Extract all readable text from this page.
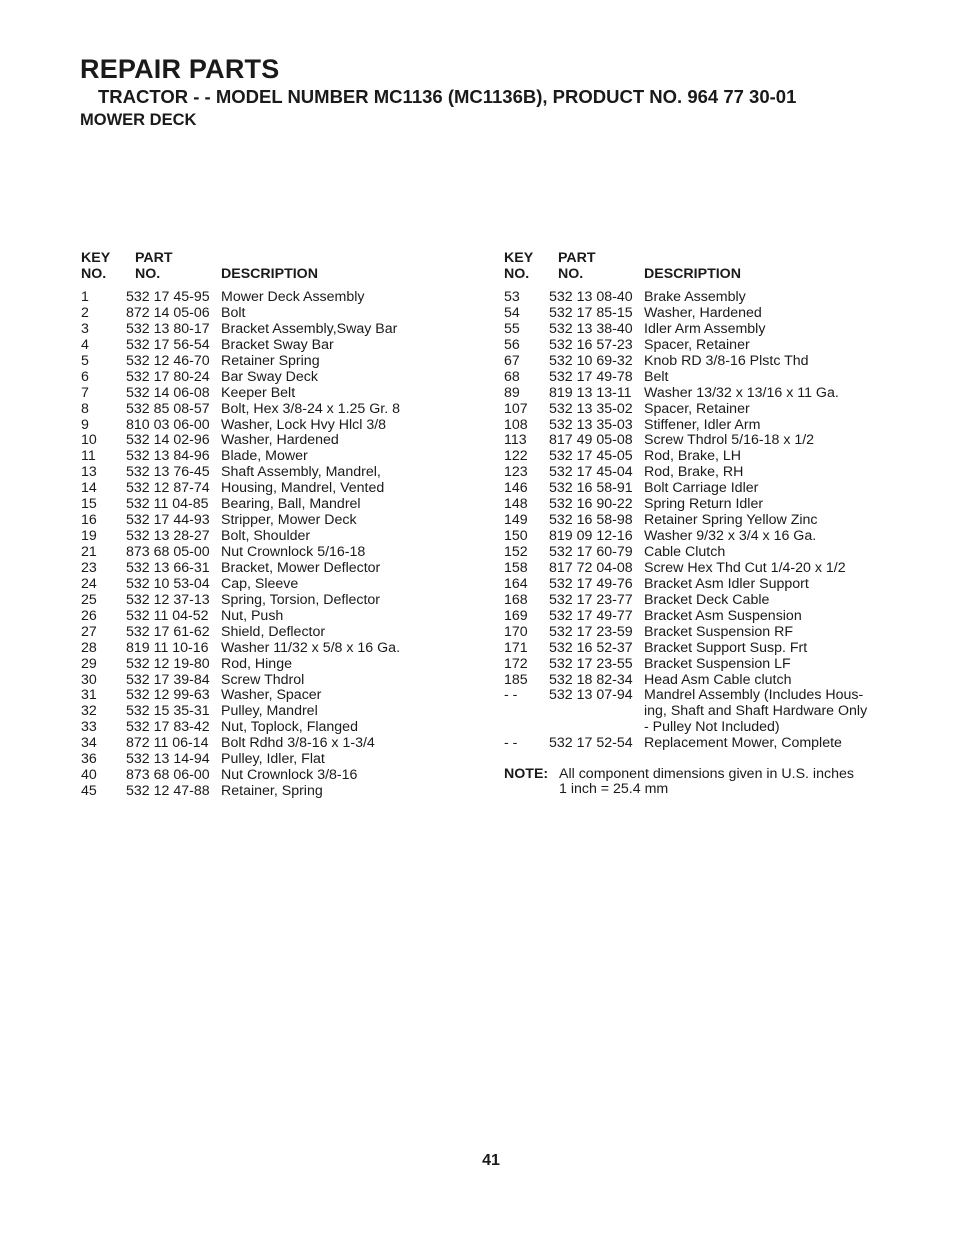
REPAIR PARTS
TRACTOR - - MODEL NUMBER MC1136 (MC1136B), PRODUCT NO. 964 77 30-01
MOWER DECK
KEY
NO.
PART
NO.	DESCRIPTION
1	532 17 45-95 Mower Deck Assembly
2	872 14 05-06 Bolt
3	532 13 80-17 Bracket Assembly,Sway Bar
4	532 17 56-54 Bracket Sway Bar
5	532 12 46-70 Retainer Spring
6	532 17 80-24 Bar Sway Deck
7	532 14 06-08 Keeper Belt
8	532 85 08-57 Bolt, Hex 3/8-24 x 1.25 Gr. 8
9	810 03 06-00 Washer, Lock Hvy Hlcl 3/8
10 532 14 02-96 Washer, Hardened
11 532 13 84-96 Blade, Mower
13 532 13 76-45 Shaft Assembly, Mandrel,
14 532 12 87-74 Housing, Mandrel, Vented
15 532 11 04-85 Bearing, Ball, Mandrel
16 532 17 44-93 Stripper, Mower Deck
19 532 13 28-27 Bolt, Shoulder
21 873 68 05-00 Nut Crownlock 5/16-18
23 532 13 66-31 Bracket, Mower Deflector
24 532 10 53-04 Cap, Sleeve
25 532 12 37-13 Spring, Torsion, Deflector
26 532 11 04-52 Nut, Push
27 532 17 61-62 Shield, Deflector
28 819 11 10-16 Washer 11/32 x 5/8 x 16 Ga.
29 532 12 19-80 Rod, Hinge
30 532 17 39-84 Screw Thdrol
31 532 12 99-63 Washer, Spacer
32 532 15 35-31 Pulley, Mandrel
33 532 17 83-42 Nut, Toplock, Flanged
34 872 11 06-14 Bolt Rdhd 3/8-16 x 1-3/4
36 532 13 14-94 Pulley, Idler, Flat
40 873 68 06-00 Nut Crownlock 3/8-16
45 532 12 47-88 Retainer, Spring
KEY
NO.
PART
NO.	DESCRIPTION
53 532 13 08-40 Brake Assembly
54 532 17 85-15 Washer, Hardened
55 532 13 38-40 Idler Arm Assembly
56 532 16 57-23 Spacer, Retainer
67 532 10 69-32 Knob RD 3/8-16 Plstc Thd
68 532 17 49-78 Belt
89 819 13 13-11 Washer 13/32 x 13/16 x 11 Ga.
107 532 13 35-02 Spacer, Retainer
108 532 13 35-03 Stiffener, Idler Arm
113 817 49 05-08 Screw Thdrol 5/16-18 x 1/2
122 532 17 45-05 Rod, Brake, LH
123 532 17 45-04 Rod, Brake, RH
146 532 16 58-91 Bolt Carriage Idler
148 532 16 90-22 Spring Return Idler
149 532 16 58-98 Retainer Spring Yellow Zinc
150 819 09 12-16 Washer 9/32 x 3/4 x 16 Ga.
152 532 17 60-79 Cable Clutch
158 817 72 04-08 Screw Hex Thd Cut 1/4-20 x 1/2
164 532 17 49-76 Bracket Asm Idler Support
168 532 17 23-77 Bracket Deck Cable
169 532 17 49-77 Bracket Asm Suspension
170 532 17 23-59 Bracket Suspension RF
171 532 16 52-37 Bracket Support Susp. Frt
172 532 17 23-55 Bracket Suspension LF
185 532 18 82-34 Head Asm Cable clutch
- - 532 13 07-94 Mandrel Assembly (Includes Hous-
ing, Shaft and Shaft Hardware Only
- Pulley Not Included)
- - 532 17 52-54 Replacement Mower, Complete
NOTE: All component dimensions given in U.S. inches
1 inch = 25.4 mm
41
